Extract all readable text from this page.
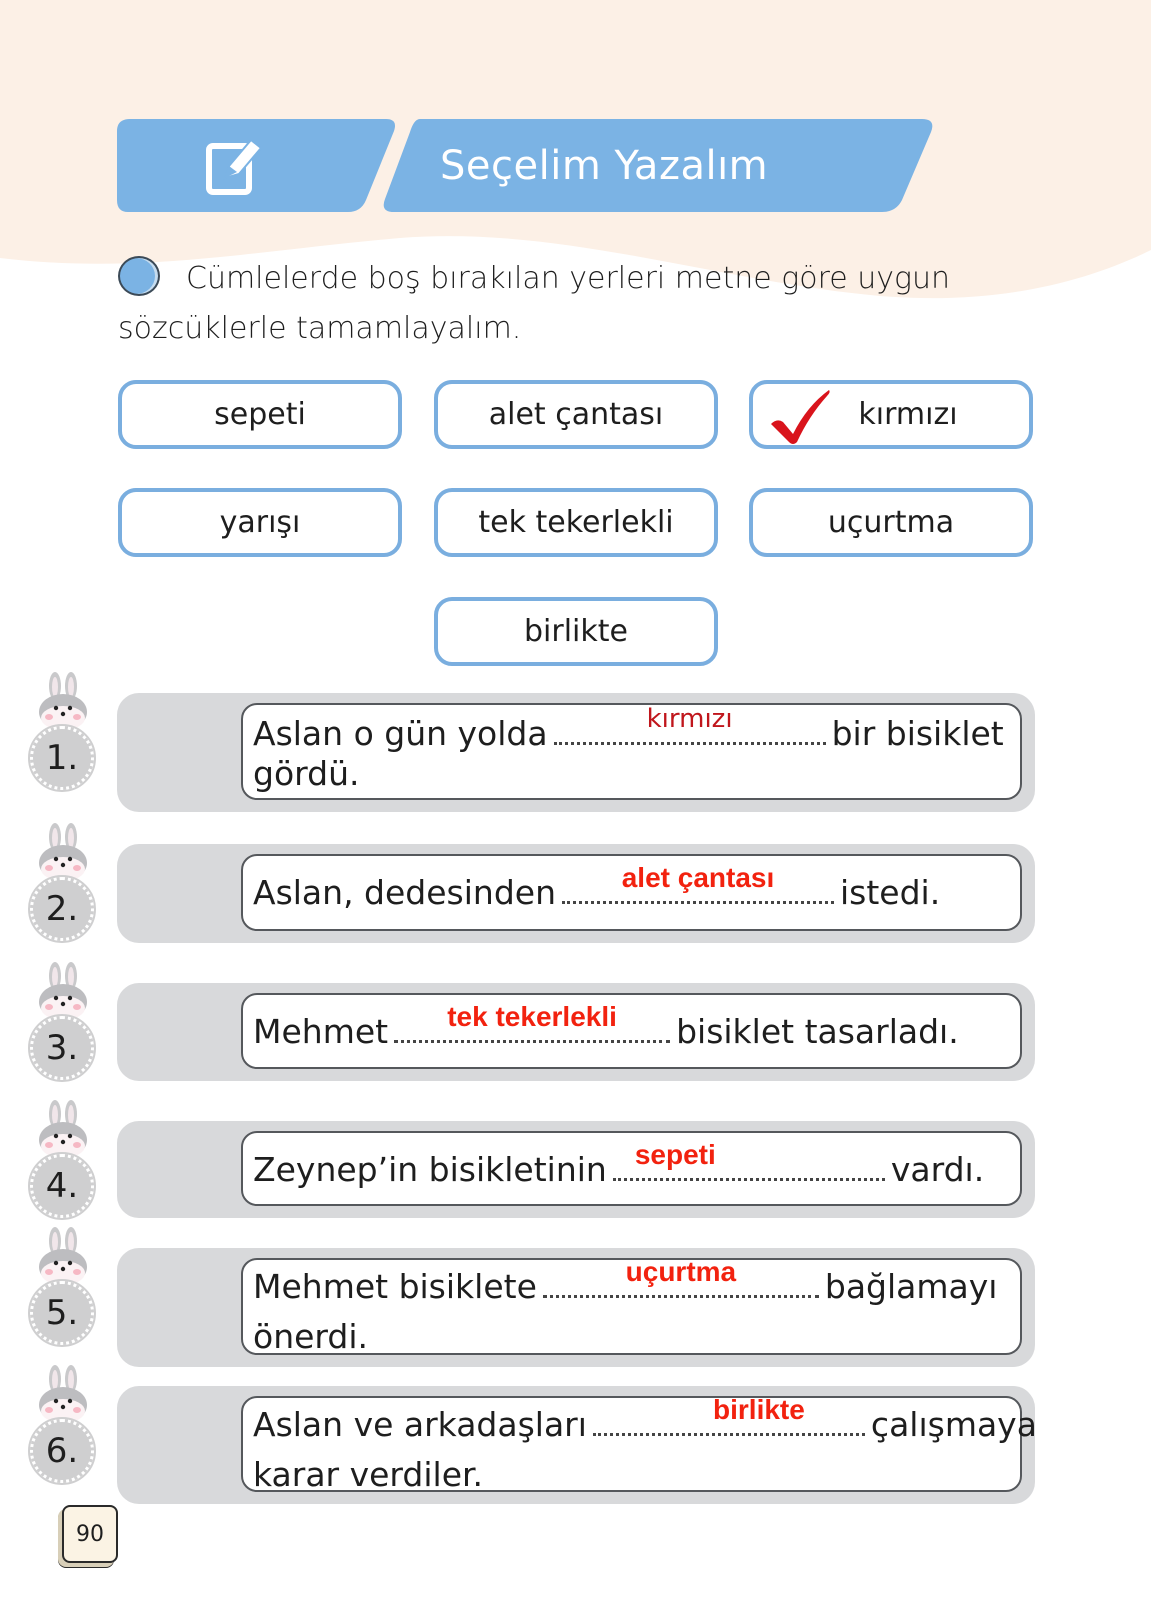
Seçelim Yazalım
Cümlelerde boş bırakılan yerleri metne göre uygun
sözcüklerle tamamlayalım.
sepeti	alet çantası	kırmızı
yarışı	tek tekerlekli	uçurtma
birlikte
Aslan o gün yolda	kırmızı	bir bisiklet
gördü.
1.
Aslan, dedesinden	alet çantası	istedi.
2.
Mehmet	tek tekerlekli	bisiklet tasarladı.
3.
Zeynep’in bisikletinin sepeti	vardı.
4.
Mehmet bisiklete	uçurtma	bağlamayı
önerdi.
5.
Aslan ve arkadaşları	birlikte	çalışmaya
karar verdiler.
6.
90
